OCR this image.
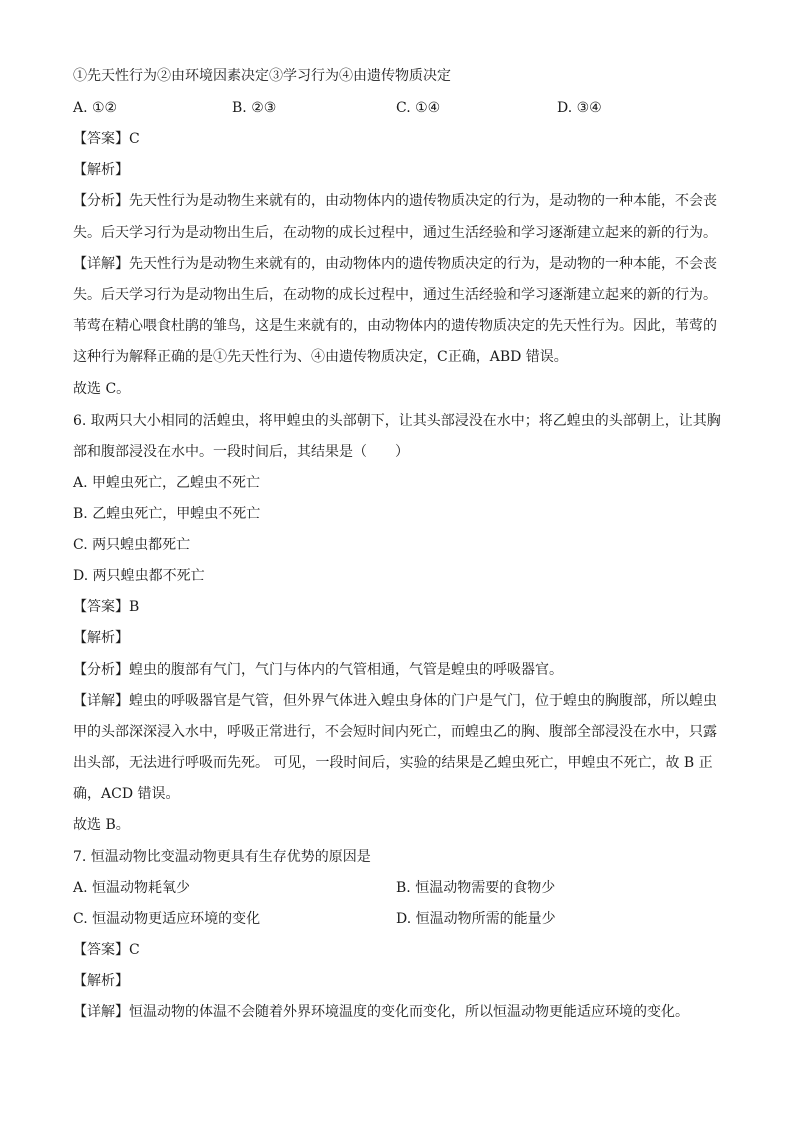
①先天性行为②由环境因素决定③学习行为④由遗传物质决定
A. ①②	B. ②③	C. ①④	D. ③④
【答案】C
【解析】
【分析】先天性行为是动物生来就有的，由动物体内的遗传物质决定的行为，是动物的一种本能，不会丧
失。后天学习行为是动物出生后，在动物的成长过程中，通过生活经验和学习逐渐建立起来的新的行为。
【详解】先天性行为是动物生来就有的，由动物体内的遗传物质决定的行为，是动物的一种本能，不会丧
失。后天学习行为是动物出生后，在动物的成长过程中，通过生活经验和学习逐渐建立起来的新的行为。
苇莺在精心喂食杜鹃的雏鸟，这是生来就有的，由动物体内的遗传物质决定的先天性行为。因此，苇莺的
这种行为解释正确的是①先天性行为、④由遗传物质决定，C正确，ABD 错误。
故选 C。
6. 取两只大小相同的活蝗虫，将甲蝗虫的头部朝下，让其头部浸没在水中；将乙蝗虫的头部朝上，让其胸
部和腹部浸没在水中。一段时间后，其结果是（　　）
A. 甲蝗虫死亡，乙蝗虫不死亡
B. 乙蝗虫死亡，甲蝗虫不死亡
C. 两只蝗虫都死亡
D. 两只蝗虫都不死亡
【答案】B
【解析】
【分析】蝗虫的腹部有气门，气门与体内的气管相通，气管是蝗虫的呼吸器官。
【详解】蝗虫的呼吸器官是气管，但外界气体进入蝗虫身体的门户是气门，位于蝗虫的胸腹部，所以蝗虫
甲的头部深深浸入水中，呼吸正常进行，不会短时间内死亡，而蝗虫乙的胸、腹部全部浸没在水中，只露
出头部，无法进行呼吸而先死。 可见，一段时间后，实验的结果是乙蝗虫死亡，甲蝗虫不死亡，故 B 正
确，ACD 错误。
故选 B。
7. 恒温动物比变温动物更具有生存优势的原因是
A. 恒温动物耗氧少	B. 恒温动物需要的食物少
C. 恒温动物更适应环境的变化	D. 恒温动物所需的能量少
【答案】C
【解析】
【详解】恒温动物的体温不会随着外界环境温度的变化而变化，所以恒温动物更能适应环境的变化。
